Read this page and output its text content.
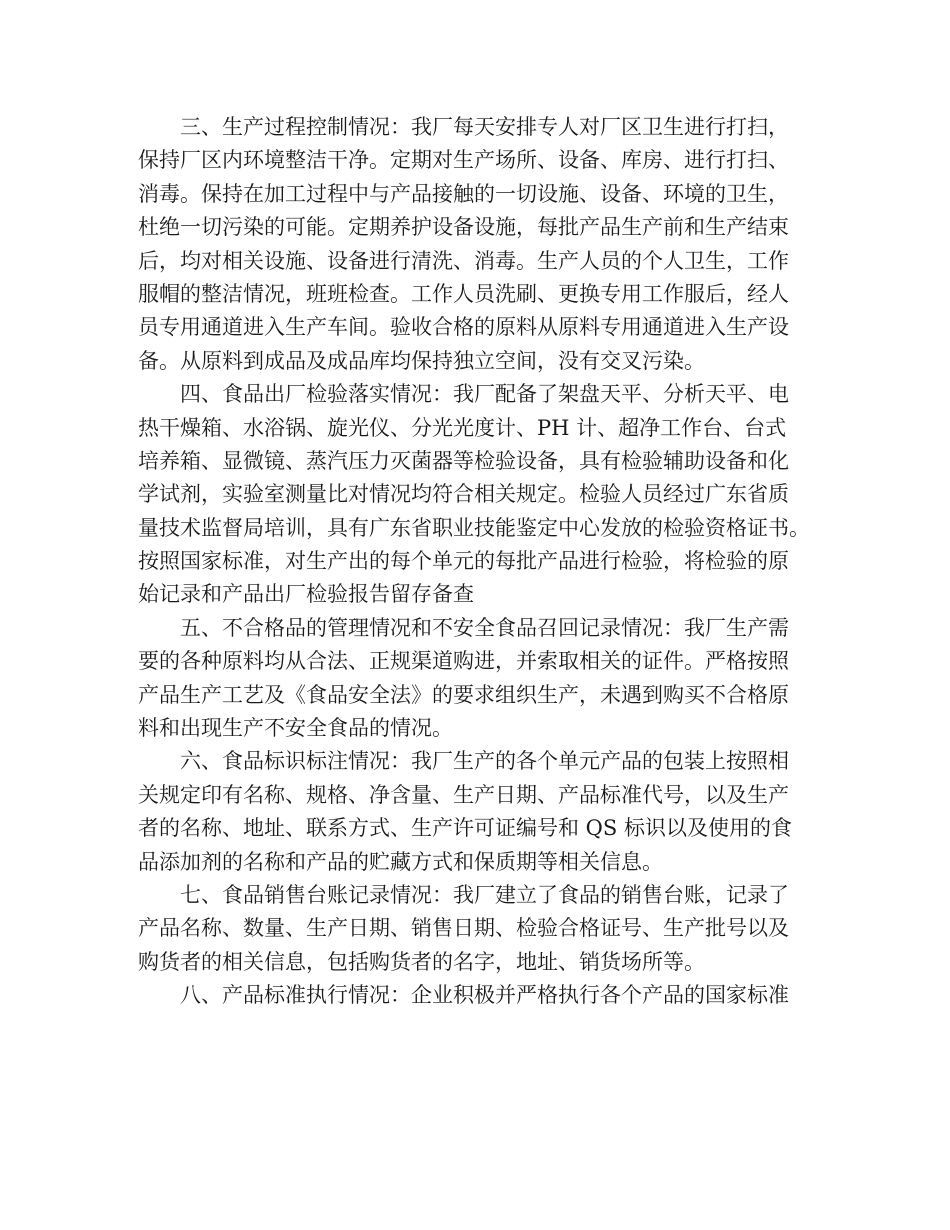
三、生产过程控制情况：我厂每天安排专人对厂区卫生进行打扫，
保持厂区内环境整洁干净。定期对生产场所、设备、库房、进行打扫、
消毒。保持在加工过程中与产品接触的一切设施、设备、环境的卫生，
杜绝一切污染的可能。定期养护设备设施，每批产品生产前和生产结束
后，均对相关设施、设备进行清洗、消毒。生产人员的个人卫生，工作
服帽的整洁情况，班班检查。工作人员洗刷、更换专用工作服后，经人
员专用通道进入生产车间。验收合格的原料从原料专用通道进入生产设
备。从原料到成品及成品库均保持独立空间，没有交叉污染。
四、食品出厂检验落实情况：我厂配备了架盘天平、分析天平、电
热干燥箱、水浴锅、旋光仪、分光光度计、PH 计、超净工作台、台式
培养箱、显微镜、蒸汽压力灭菌器等检验设备，具有检验辅助设备和化
学试剂，实验室测量比对情况均符合相关规定。检验人员经过广东省质
量技术监督局培训，具有广东省职业技能鉴定中心发放的检验资格证书。
按照国家标准，对生产出的每个单元的每批产品进行检验，将检验的原
始记录和产品出厂检验报告留存备查
五、不合格品的管理情况和不安全食品召回记录情况：我厂生产需
要的各种原料均从合法、正规渠道购进，并索取相关的证件。严格按照
产品生产工艺及《食品安全法》的要求组织生产，未遇到购买不合格原
料和出现生产不安全食品的情况。
六、食品标识标注情况：我厂生产的各个单元产品的包装上按照相
关规定印有名称、规格、净含量、生产日期、产品标准代号，以及生产
者的名称、地址、联系方式、生产许可证编号和 QS 标识以及使用的食
品添加剂的名称和产品的贮藏方式和保质期等相关信息。
七、食品销售台账记录情况：我厂建立了食品的销售台账，记录了
产品名称、数量、生产日期、销售日期、检验合格证号、生产批号以及
购货者的相关信息，包括购货者的名字，地址、销货场所等。
八、产品标准执行情况：企业积极并严格执行各个产品的国家标准
